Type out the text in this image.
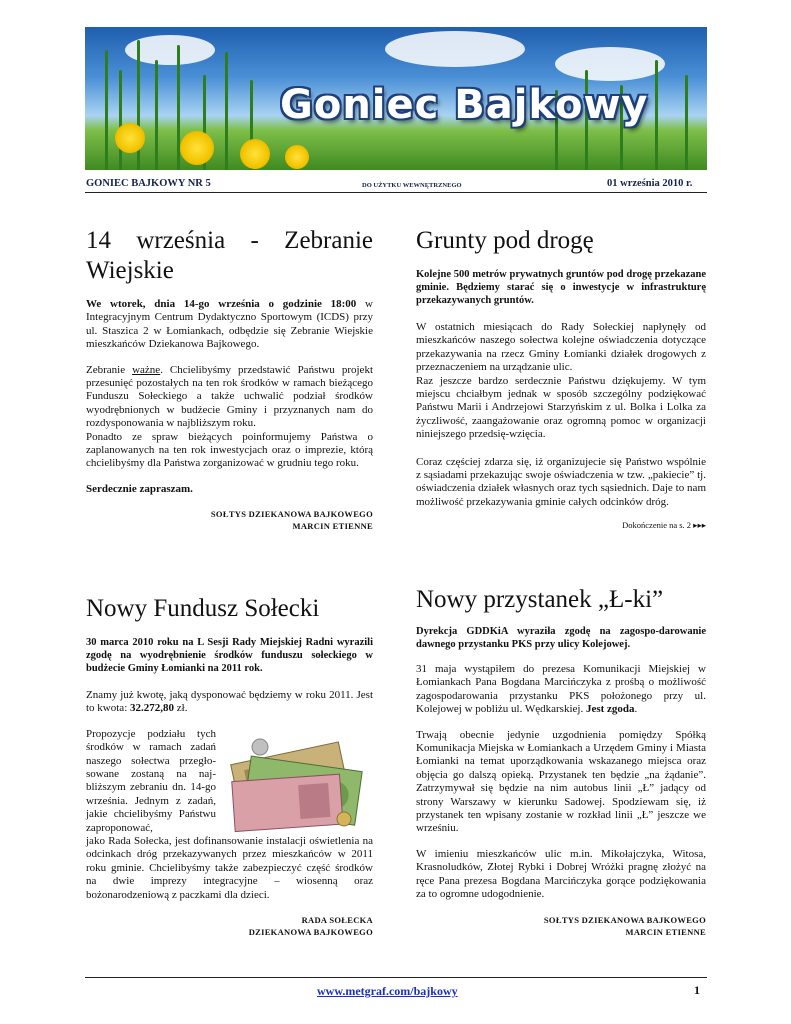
Goniec Bajkowy
GONIEC BAJKOWY NR 5	DO UŻYTKU WEWNĘTRZNEGO	01 września 2010 r.
14 września - Zebranie Wiejskie

We wtorek, dnia 14-go września o godzinie 18:00 w Integracyjnym Centrum Dydaktyczno Sportowym (ICDS) przy ul. Staszica 2 w Łomiankach, odbędzie się Zebranie Wiejskie mieszkańców Dziekanowa Bajkowego.

Zebranie ważne. Chcielibyśmy przedstawić Państwu projekt przesunięć pozostałych na ten rok środków w ramach bieżącego Funduszu Sołeckiego a także uchwalić podział środków wyodrębnionych w budżecie Gminy i przyznanych nam do rozdysponowania w najbliższym roku.

Ponadto ze spraw bieżących poinformujemy Państwa o zaplanowanych na ten rok inwestycjach oraz o imprezie, którą chcielibyśmy dla Państwa zorganizować w grudniu tego roku.

Serdecznie zapraszam.

SOŁTYS DZIEKANOWA BAJKOWEGO
MARCIN ETIENNE
Nowy Fundusz Sołecki

30 marca 2010 roku na L Sesji Rady Miejskiej Radni wyrazili zgodę na wyodrębnienie środków funduszu sołeckiego w budżecie Gminy Łomianki na 2011 rok.

Znamy już kwotę, jaką dysponować będziemy w roku 2011. Jest to kwota: 32.272,80 zł.

Propozycje podziału tych środków w ramach zadań naszego sołectwa przegło-sowane zostaną na naj-bliższym zebraniu dn. 14-go września. Jednym z zadań, jakie chcielibyśmy Państwu zaproponować,

jako Rada Sołecka, jest dofinansowanie instalacji oświetlenia na odcinkach dróg przekazywanych przez mieszkańców w 2011 roku gminie. Chcielibyśmy także zabezpieczyć część środków na dwie imprezy integracyjne – wiosenną oraz bożonarodzeniową z paczkami dla dzieci.

RADA SOŁECKA
DZIEKANOWA BAJKOWEGO
Grunty pod drogę

Kolejne 500 metrów prywatnych gruntów pod drogę przekazane gminie. Będziemy starać się o inwestycje w infrastrukturę przekazywanych gruntów.

W ostatnich miesiącach do Rady Sołeckiej napłynęły od mieszkańców naszego sołectwa kolejne oświadczenia dotyczące przekazywania na rzecz Gminy Łomianki działek drogowych z przeznaczeniem na urządzanie ulic.

Raz jeszcze bardzo serdecznie Państwu dziękujemy. W tym miejscu chciałbym jednak w sposób szczególny podziękować Państwu Marii i Andrzejowi Starzyńskim z ul. Bolka i Lolka za życzliwość, zaangażowanie oraz ogromną pomoc w organizacji niniejszego przedsię-wzięcia.

Coraz częściej zdarza się, iż organizujecie się Państwo wspólnie z sąsiadami przekazując swoje oświadczenia w tzw. „pakiecie” tj. oświadczenia działek własnych oraz tych sąsiednich. Daje to nam możliwość przekazywania gminie całych odcinków dróg.

Dokończenie na s. 2 ▸▸▸

Nowy przystanek „Ł-ki”

Dyrekcja GDDKiA wyraziła zgodę na zagospo-darowanie dawnego przystanku PKS przy ulicy Kolejowej.

31 maja wystąpiłem do prezesa Komunikacji Miejskiej w Łomiankach Pana Bogdana Marcińczyka z prośbą o możliwość zagospodarowania przystanku PKS położonego przy ul. Kolejowej w pobliżu ul. Wędkarskiej. Jest zgoda.

Trwają obecnie jedynie uzgodnienia pomiędzy Spółką Komunikacja Miejska w Łomiankach a Urzędem Gminy i Miasta Łomianki na temat uporządkowania wskazanego miejsca oraz objęcia go dalszą opieką. Przystanek ten będzie „na żądanie”. Zatrzymywał się będzie na nim autobus linii „Ł” jadący od strony Warszawy w kierunku Sadowej. Spodziewam się, iż przystanek ten wpisany zostanie w rozkład linii „Ł” jeszcze we wrześniu.

W imieniu mieszkańców ulic m.in. Mikołajczyka, Witosa, Krasnoludków, Złotej Rybki i Dobrej Wróżki pragnę złożyć na ręce Pana prezesa Bogdana Marcińczyka gorące podziękowania za to ogromne udogodnienie.

SOŁTYS DZIEKANOWA BAJKOWEGO
MARCIN ETIENNE
www.metgraf.com/bajkowy	1
